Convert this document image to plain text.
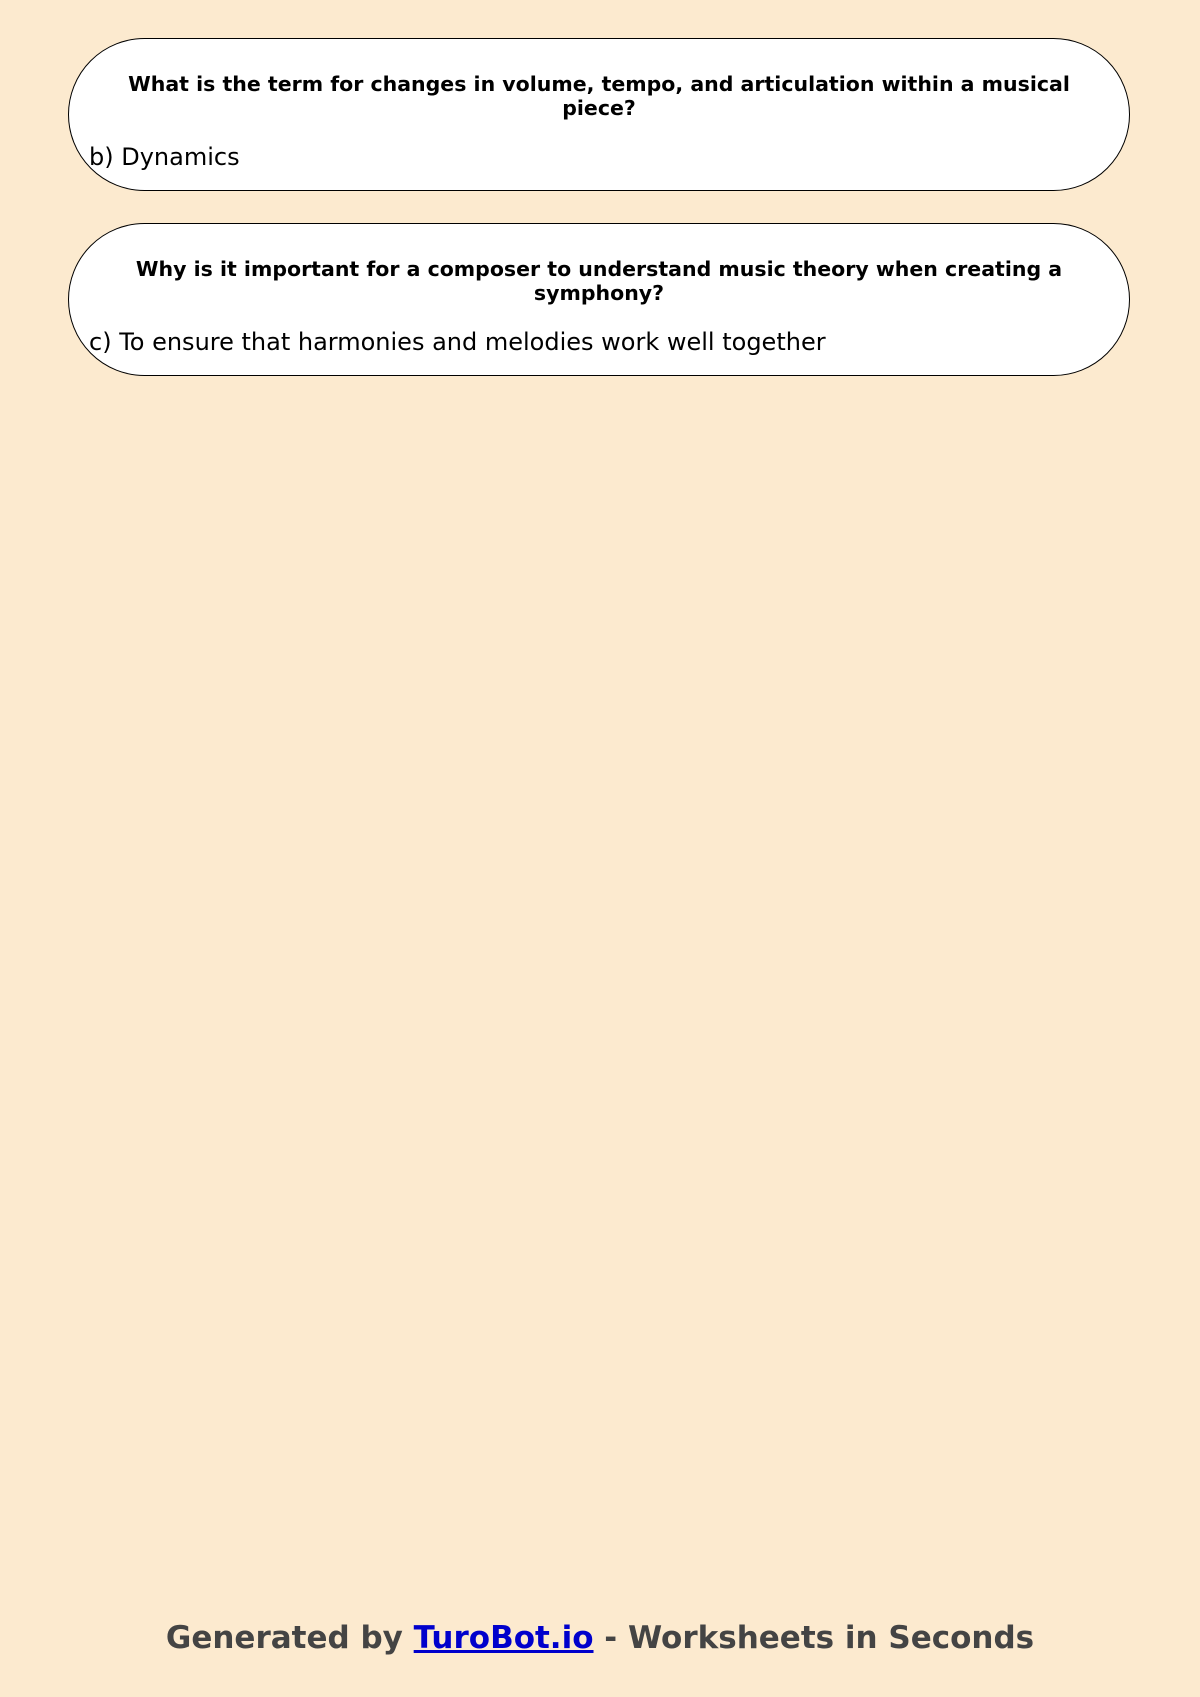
What is the term for changes in volume, tempo, and articulation within a musical piece?
b) Dynamics
Why is it important for a composer to understand music theory when creating a symphony?
c) To ensure that harmonies and melodies work well together
Generated by TuroBot.io - Worksheets in Seconds
